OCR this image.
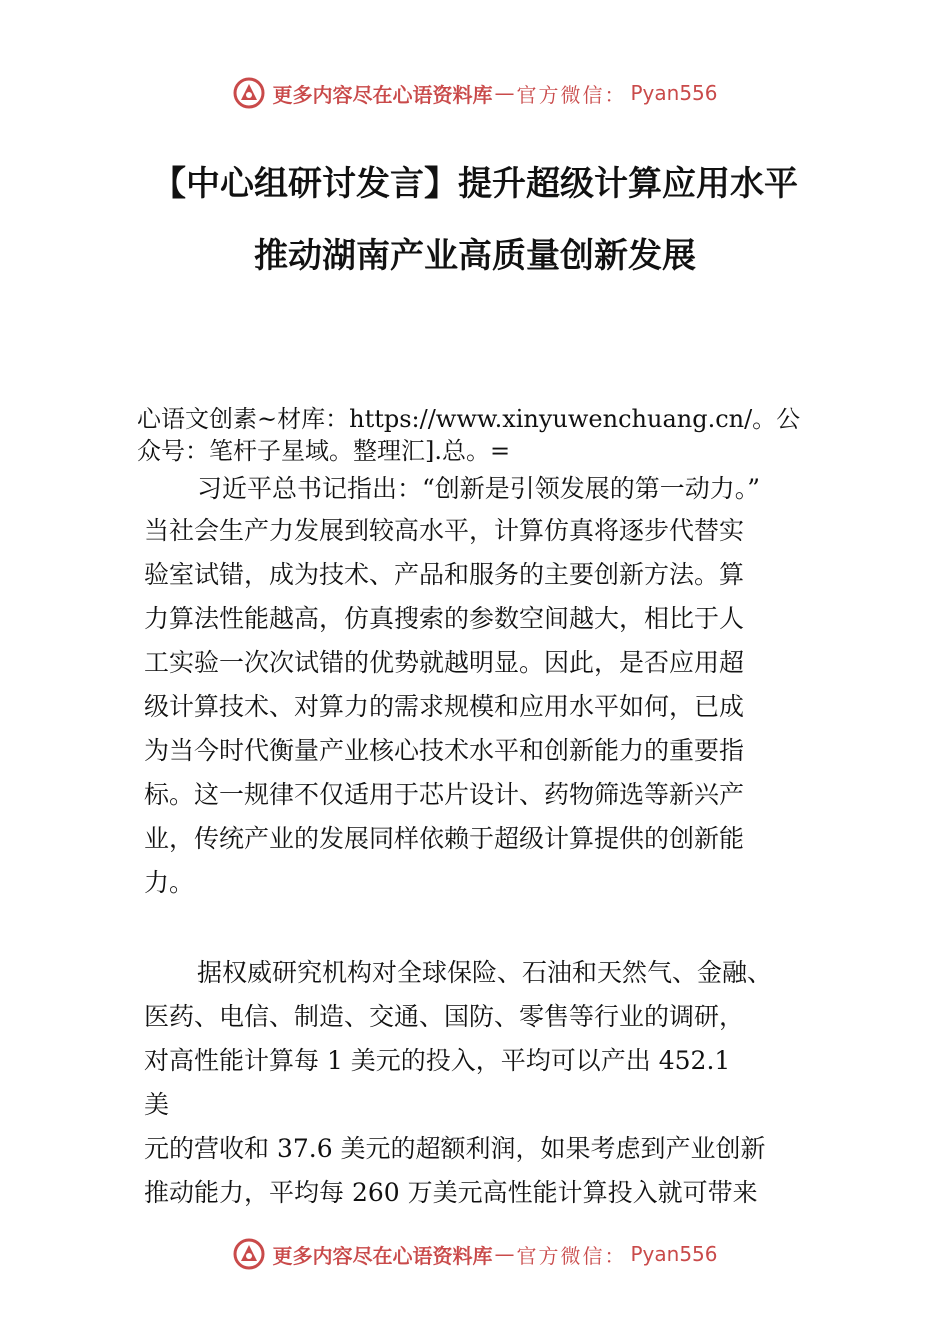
更多内容尽在心语资料库 — 官方微信： Pyan556
【中心组研讨发言】提升超级计算应用水平
推动湖南产业高质量创新发展
心语文创素~材库：https://www.xinyuwenchuang.cn/。公
众号：笔杆子星域。整理汇].总。=
习近平总书记指出：“创新是引领发展的第一动力。”
当社会生产力发展到较高水平，计算仿真将逐步代替实
验室试错，成为技术、产品和服务的主要创新方法。算
力算法性能越高，仿真搜索的参数空间越大，相比于人
工实验一次次试错的优势就越明显。因此，是否应用超
级计算技术、对算力的需求规模和应用水平如何，已成
为当今时代衡量产业核心技术水平和创新能力的重要指
标。这一规律不仅适用于芯片设计、药物筛选等新兴产
业，传统产业的发展同样依赖于超级计算提供的创新能
力。
据权威研究机构对全球保险、石油和天然气、金融、
医药、电信、制造、交通、国防、零售等行业的调研，
对高性能计算每 1 美元的投入，平均可以产出 452.1
美
元的营收和 37.6 美元的超额利润，如果考虑到产业创新
推动能力，平均每 260 万美元高性能计算投入就可带来
更多内容尽在心语资料库 — 官方微信： Pyan556
